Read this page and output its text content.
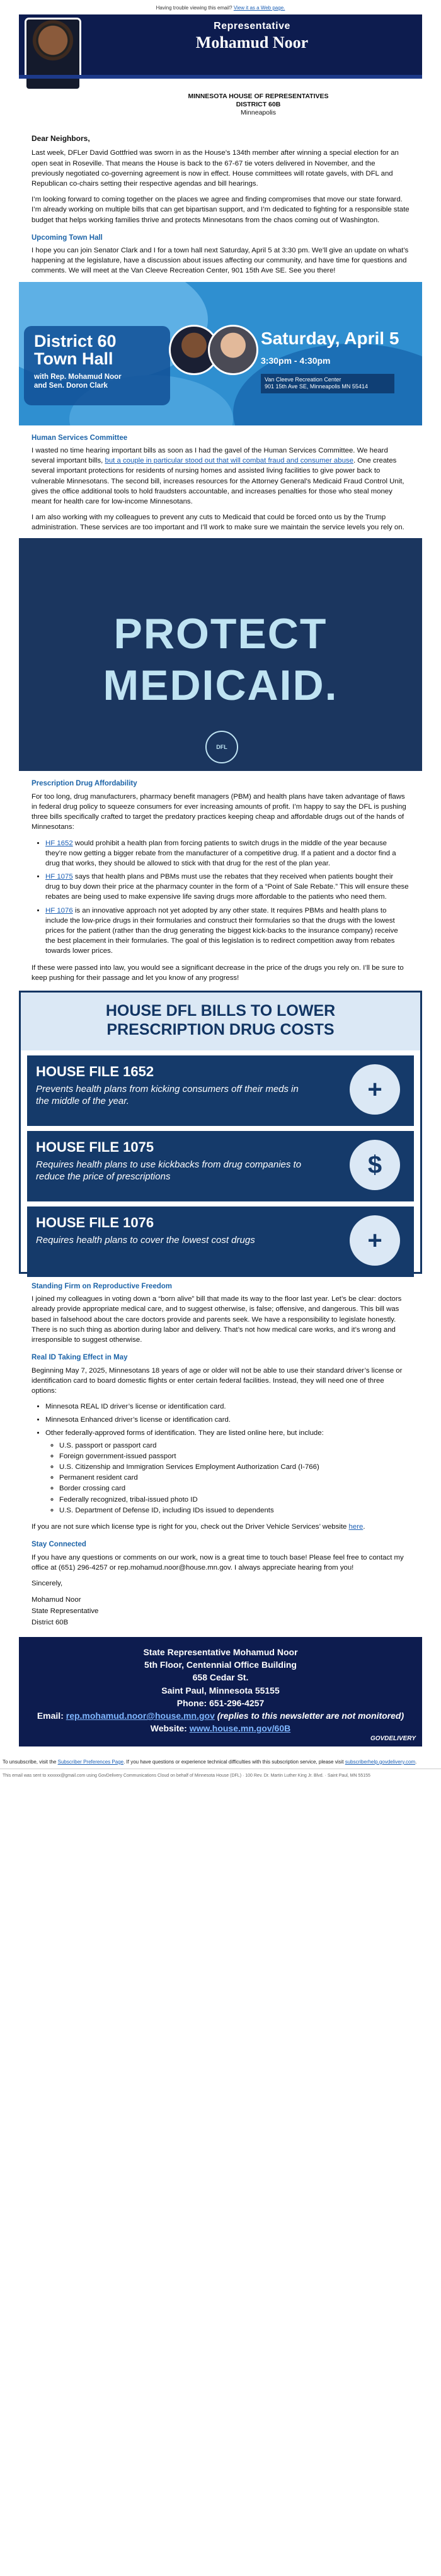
Having trouble viewing this email? View it as a Web page.
Representative
Mohamud Noor
MINNESOTA HOUSE OF REPRESENTATIVES
DISTRICT 60B
Minneapolis
Dear Neighbors,

Last week, DFLer David Gottfried was sworn in as the House’s 134th member after winning a special election for an open seat in Roseville. That means the House is back to the 67-67 tie voters delivered in November, and the previously negotiated co-governing agreement is now in effect. House committees will rotate gavels, with DFL and Republican co-chairs setting their respective agendas and bill hearings.

I’m looking forward to coming together on the places we agree and finding compromises that move our state forward. I’m already working on multiple bills that can get bipartisan support, and I’m dedicated to fighting for a responsible state budget that helps working families thrive and protects Minnesotans from the chaos coming out of Washington.

Upcoming Town Hall

I hope you can join Senator Clark and I for a town hall next Saturday, April 5 at 3:30 pm. We’ll give an update on what’s happening at the legislature, have a discussion about issues affecting our community, and have time for questions and comments. We will meet at the Van Cleeve Recreation Center, 901 15th Ave SE. See you there!

District 60
Town Hall
with Rep. Mohamud Noor
and Sen. Doron Clark
Saturday, April 5
3:30pm - 4:30pm
Van Cleeve Recreation Center
901 15th Ave SE, Minneapolis MN 55414
Human Services Committee

I wasted no time hearing important bills as soon as I had the gavel of the Human Services Committee. We heard several important bills, but a couple in particular stood out that will combat fraud and consumer abuse. One creates several important protections for residents of nursing homes and assisted living facilities to give power back to vulnerable Minnesotans. The second bill, increases resources for the Attorney General’s Medicaid Fraud Control Unit, gives the office additional tools to hold fraudsters accountable, and increases penalties for those who steal money meant for health care for low-income Minnesotans.

I am also working with my colleagues to prevent any cuts to Medicaid that could be forced onto us by the Trump administration. These services are too important and I’ll work to make sure we maintain the service levels you rely on.

PROTECT
MEDICAID.
DFL
Prescription Drug Affordability

For too long, drug manufacturers, pharmacy benefit managers (PBM) and health plans have taken advantage of flaws in federal drug policy to squeeze consumers for ever increasing amounts of profit. I’m happy to say the DFL is pushing three bills specifically crafted to target the predatory practices keeping cheap and affordable drugs out of the hands of Minnesotans:

• HF 1652 would prohibit a health plan from forcing patients to switch drugs in the middle of the year because they’re now getting a bigger rebate from the manufacturer of a competitive drug. If a patient and a doctor find a drug that works, they should be allowed to stick with that drug for the rest of the plan year.
• HF 1075 says that health plans and PBMs must use the rebates that they received when patients bought their drug to buy down their price at the pharmacy counter in the form of a “Point of Sale Rebate.” This will ensure these rebates are being used to make expensive life saving drugs more affordable to the patients who need them.
• HF 1076 is an innovative approach not yet adopted by any other state. It requires PBMs and health plans to include the low-price drugs in their formularies and construct their formularies so that the drugs with the lowest prices for the patient (rather than the drug generating the biggest kick-backs to the insurance company) receive the best placement in their formularies. The goal of this legislation is to redirect competition away from rebates towards lower prices.

If these were passed into law, you would see a significant decrease in the price of the drugs you rely on. I’ll be sure to keep pushing for their passage and let you know of any progress!

HOUSE DFL BILLS TO LOWER
PRESCRIPTION DRUG COSTS
HOUSE FILE 1652
Prevents health plans from kicking consumers off their meds in the middle of the year.	+
HOUSE FILE 1075
Requires health plans to use kickbacks from drug companies to reduce the price of prescriptions	$
HOUSE FILE 1076
Requires health plans to cover the lowest cost drugs	+
Standing Firm on Reproductive Freedom

I joined my colleagues in voting down a “born alive” bill that made its way to the floor last year. Let’s be clear: doctors already provide appropriate medical care, and to suggest otherwise, is false; offensive, and dangerous. This bill was based in falsehood about the care doctors provide and parents seek. We have a responsibility to legislate honestly. There is no such thing as abortion during labor and delivery. That’s not how medical care works, and it’s wrong and irresponsible to suggest otherwise.

Real ID Taking Effect in May

Beginning May 7, 2025, Minnesotans 18 years of age or older will not be able to use their standard driver’s license or identification card to board domestic flights or enter certain federal facilities. Instead, they will need one of three options:

• Minnesota REAL ID driver’s license or identification card.
• Minnesota Enhanced driver’s license or identification card.
• Other federally-approved forms of identification. They are listed online here, but include:
◦ U.S. passport or passport card
◦ Foreign government-issued passport
◦ U.S. Citizenship and Immigration Services Employment Authorization Card (I-766)
◦ Permanent resident card
◦ Border crossing card
◦ Federally recognized, tribal-issued photo ID
◦ U.S. Department of Defense ID, including IDs issued to dependents

If you are not sure which license type is right for you, check out the Driver Vehicle Services’ website here.

Stay Connected

If you have any questions or comments on our work, now is a great time to touch base! Please feel free to contact my office at (651) 296-4257 or rep.mohamud.noor@house.mn.gov. I always appreciate hearing from you!

Sincerely,

Mohamud Noor

State Representative

District 60B

State Representative Mohamud Noor
5th Floor, Centennial Office Building
658 Cedar St.
Saint Paul, Minnesota 55155
Phone: 651-296-4257
Email: rep.mohamud.noor@house.mn.gov (replies to this newsletter are not monitored)
Website: www.house.mn.gov/60B
GOVDELIVERY
To unsubscribe, visit the Subscriber Preferences Page. If you have questions or experience technical difficulties with this subscription service, please visit subscriberhelp.govdelivery.com.
This email was sent to xxxxxx@gmail.com using GovDelivery Communications Cloud on behalf of Minnesota House (DFL) · 100 Rev. Dr. Martin Luther King Jr. Blvd. · Saint Paul, MN 55155
